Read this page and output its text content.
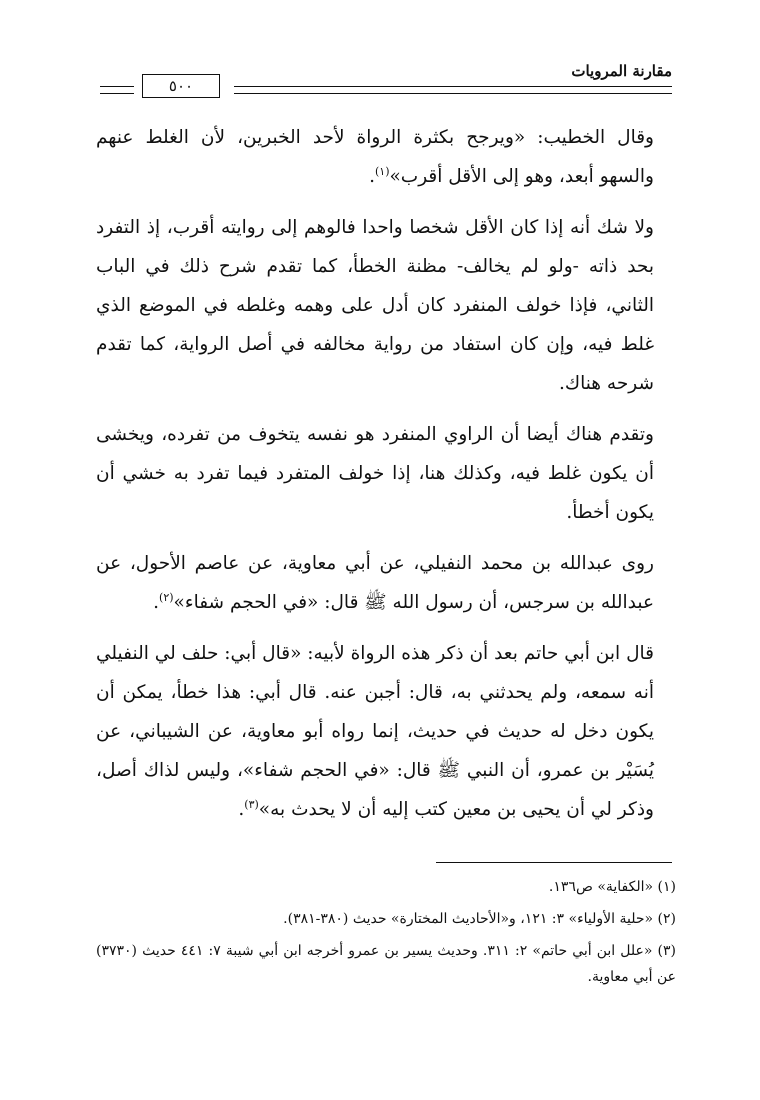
مقارنة المرويات
٥٠٠

وقال الخطيب: «ويرجح بكثرة الرواة لأحد الخبرين، لأن الغلط عنهم والسهو أبعد، وهو إلى الأقل أقرب»$^{(١)}$.

ولا شك أنه إذا كان الأقل شخصا واحدا فالوهم إلى روايته أقرب، إذ التفرد بحد ذاته -ولو لم يخالف- مظنة الخطأ، كما تقدم شرح ذلك في الباب الثاني، فإذا خولف المنفرد كان أدل على وهمه وغلطه في الموضع الذي غلط فيه، وإن كان استفاد من رواية مخالفه في أصل الرواية، كما تقدم شرحه هناك.

وتقدم هناك أيضا أن الراوي المنفرد هو نفسه يتخوف من تفرده، ويخشى أن يكون غلط فيه، وكذلك هنا، إذا خولف المتفرد فيما تفرد به خشي أن يكون أخطأ.

روى عبدالله بن محمد النفيلي، عن أبي معاوية، عن عاصم الأحول، عن عبدالله بن سرجس، أن رسول الله ﷺ قال: «في الحجم شفاء»$^{(٢)}$.

قال ابن أبي حاتم بعد أن ذكر هذه الرواة لأبيه: «قال أبي: حلف لي النفيلي أنه سمعه، ولم يحدثني به، قال: أجبن عنه. قال أبي: هذا خطأ، يمكن أن يكون دخل له حديث في حديث، إنما رواه أبو معاوية، عن الشيباني، عن يُسَيْر بن عمرو، أن النبي ﷺ قال: «في الحجم شفاء»، وليس لذاك أصل، وذكر لي أن يحيى بن معين كتب إليه أن لا يحدث به»$^{(٣)}$.

(١) «الكفاية» ص١٣٦.

(٢) «حلية الأولياء» ٣: ١٢١، و«الأحاديث المختارة» حديث (٣٨٠-٣٨١).

(٣) «علل ابن أبي حاتم» ٢: ٣١١. وحديث يسير بن عمرو أخرجه ابن أبي شيبة ٧: ٤٤١ حديث (٣٧٣٠) عن أبي معاوية.
